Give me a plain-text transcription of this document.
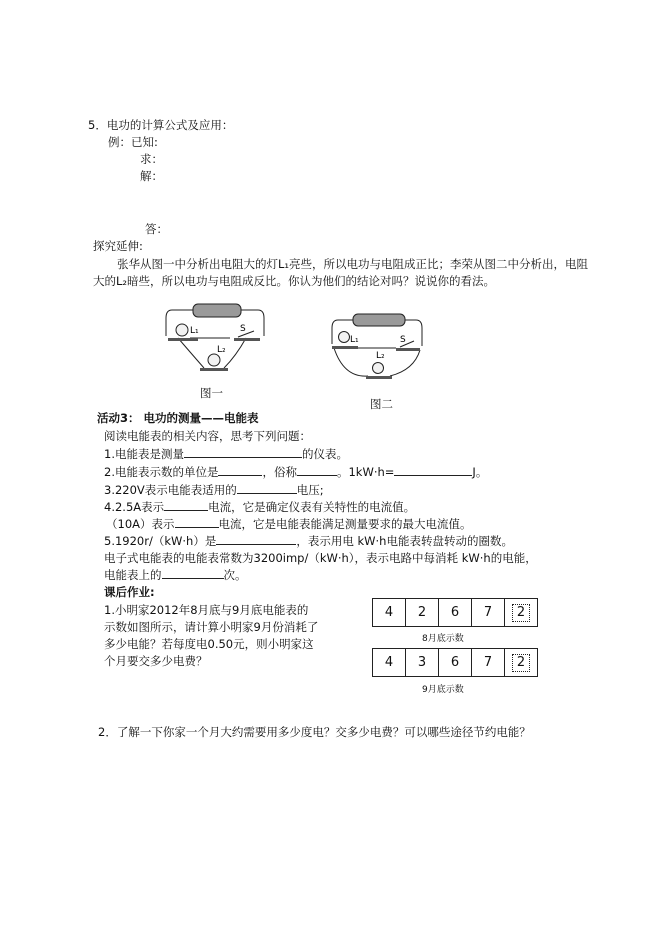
5．电功的计算公式及应用：
例：已知:
求：
解：
答：
探究延伸:
张华从图一中分析出电阻大的灯L₁亮些，所以电功与电阻成正比；李荣从图二中分析出，电阻
大的L₂暗些，所以电功与电阻成反比。你认为他们的结论对吗？说说你的看法。
L₁	S
L₂
图一
L₁	S
L₂
图二
活动3： 电功的测量——电能表
阅读电能表的相关内容，思考下列问题：
1.电能表是测量	的仪表。
2.电能表示数的单位是	，俗称	。1kW·h=	J。
3.220V表示电能表适用的	电压;
4.2.5A表示	电流，它是确定仪表有关特性的电流值。
（10A）表示	电流，它是电能表能满足测量要求的最大电流值。
5.1920r/（kW·h）是	，表示用电 kW·h电能表转盘转动的圈数。
电子式电能表的电能表常数为3200imp/（kW·h），表示电路中每消耗 kW·h的电能，
电能表上的	次。
课后作业:
1.小明家2012年8月底与9月底电能表的
示数如图所示，请计算小明家9月份消耗了
多少电能？若每度电0.50元，则小明家这
个月要交多少电费？
4	2	6	7	2
8月底示数
4	3	6	7	2
9月底示数
2．了解一下你家一个月大约需要用多少度电？交多少电费？可以哪些途径节约电能？
